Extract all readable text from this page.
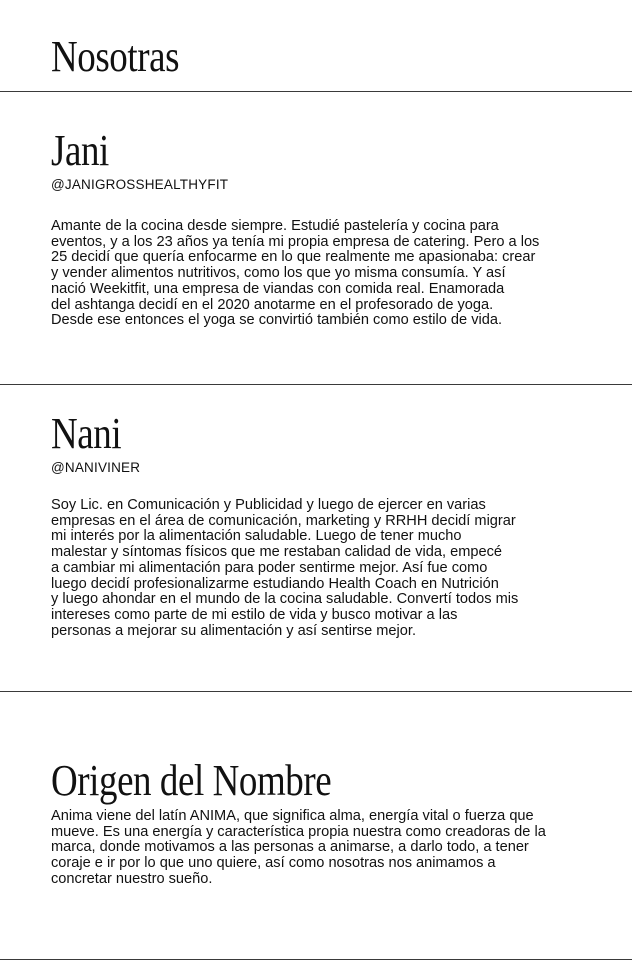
Nosotras
Jani

@JANIGROSSHEALTHYFIT

Amante de la cocina desde siempre. Estudié pastelería y cocina para
eventos, y a los 23 años ya tenía mi propia empresa de catering. Pero a los
25 decidí que quería enfocarme en lo que realmente me apasionaba: crear
y vender alimentos nutritivos, como los que yo misma consumía. Y así
nació Weekitfit, una empresa de viandas con comida real. Enamorada
del ashtanga decidí en el 2020 anotarme en el profesorado de yoga.
Desde ese entonces el yoga se convirtió también como estilo de vida.

Nani

@NANIVINER

Soy Lic. en Comunicación y Publicidad y luego de ejercer en varias
empresas en el área de comunicación, marketing y RRHH decidí migrar
mi interés por la alimentación saludable. Luego de tener mucho
malestar y síntomas físicos que me restaban calidad de vida, empecé
a cambiar mi alimentación para poder sentirme mejor. Así fue como
luego decidí profesionalizarme estudiando Health Coach en Nutrición
y luego ahondar en el mundo de la cocina saludable. Convertí todos mis
intereses como parte de mi estilo de vida y busco motivar a las
personas a mejorar su alimentación y así sentirse mejor.

Origen del Nombre

Anima viene del latín ANIMA, que significa alma, energía vital o fuerza que
mueve. Es una energía y característica propia nuestra como creadoras de la
marca, donde motivamos a las personas a animarse, a darlo todo, a tener
coraje e ir por lo que uno quiere, así como nosotras nos animamos a
concretar nuestro sueño.
